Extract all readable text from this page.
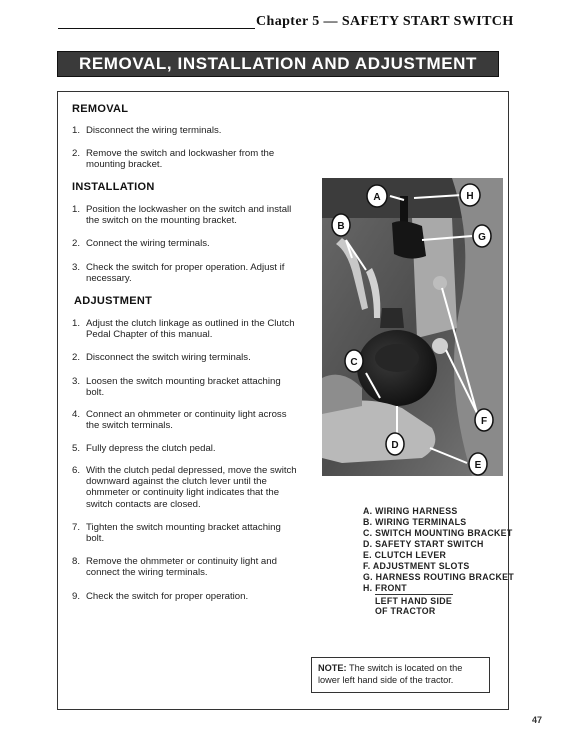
Chapter 5 — SAFETY START SWITCH
REMOVAL, INSTALLATION AND ADJUSTMENT
REMOVAL
1. Disconnect the wiring terminals.
2. Remove the switch and lockwasher from the mounting bracket.
INSTALLATION
1. Position the lockwasher on the switch and install the switch on the mounting bracket.
2. Connect the wiring terminals.
3. Check the switch for proper operation. Adjust if necessary.
ADJUSTMENT
1. Adjust the clutch linkage as outlined in the Clutch Pedal Chapter of this manual.
2. Disconnect the switch wiring terminals.
3. Loosen the switch mounting bracket attaching bolt.
4. Connect an ohmmeter or continuity light across the switch terminals.
5. Fully depress the clutch pedal.
6. With the clutch pedal depressed, move the switch downward against the clutch lever until the ohmmeter or continuity light indicates that the switch contacts are closed.
7. Tighten the switch mounting bracket attaching bolt.
8. Remove the ohmmeter or continuity light and connect the wiring terminals.
9. Check the switch for proper operation.
A
B
C
D
E
F
G
H
A. WIRING HARNESS
B. WIRING TERMINALS
C. SWITCH MOUNTING BRACKET
D. SAFETY START SWITCH
E. CLUTCH LEVER
F. ADJUSTMENT SLOTS
G. HARNESS ROUTING BRACKET
H. FRONT
LEFT HAND SIDE
OF TRACTOR
NOTE: The switch is located on the lower left hand side of the tractor.
47
